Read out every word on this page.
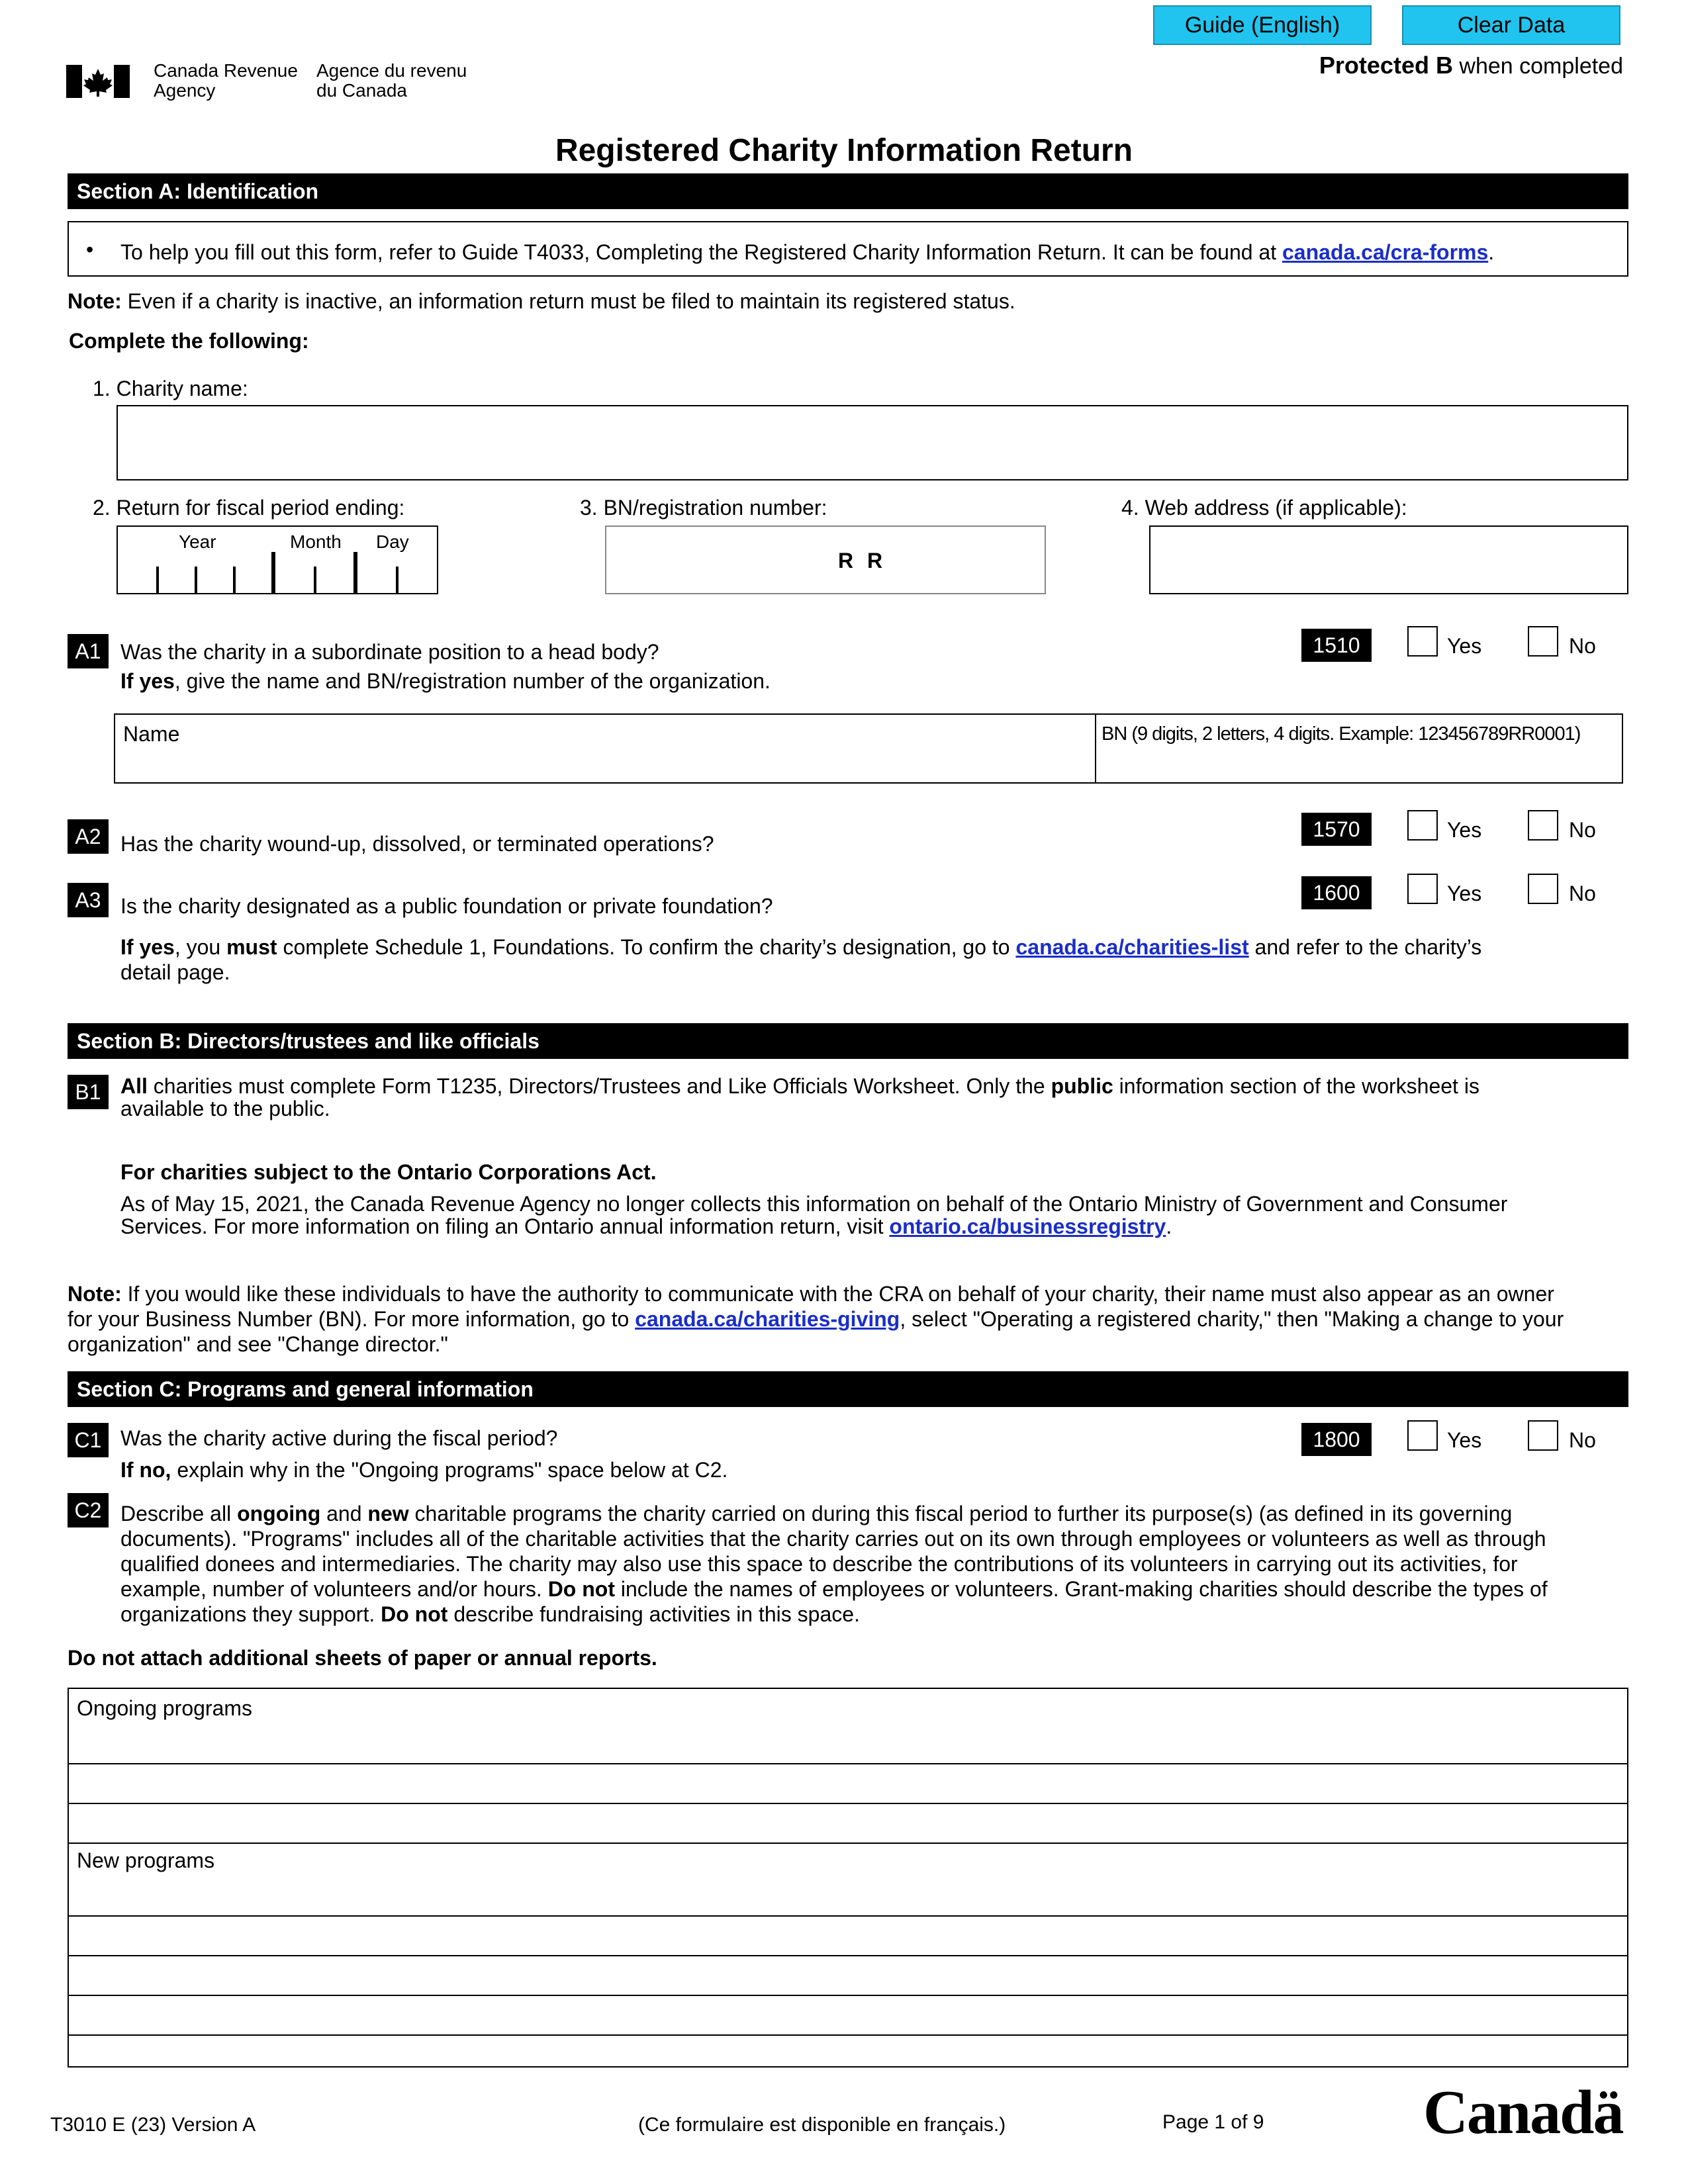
Guide (English)	Clear Data
Protected B when completed
Canada Revenue
Agency
Agence du revenu
du Canada
Registered Charity Information Return
Section A: Identification
• To help you fill out this form, refer to Guide T4033, Completing the Registered Charity Information Return. It can be found at canada.ca/cra-forms.
Note: Even if a charity is inactive, an information return must be filed to maintain its registered status.
Complete the following:
1. Charity name:
2. Return for fiscal period ending:
Year	Month Day
3. BN/registration number:
R R
4. Web address (if applicable):
A1 Was the charity in a subordinate position to a head body?
If yes, give the name and BN/registration number of the organization.
1510	Yes	No
Name	BN (9 digits, 2 letters, 4 digits. Example: 123456789RR0001)
A2 Has the charity wound-up, dissolved, or terminated operations?
1570	Yes	No
A3 Is the charity designated as a public foundation or private foundation?
1600	Yes	No
If yes, you must complete Schedule 1, Foundations. To confirm the charity’s designation, go to canada.ca/charities-list and refer to the charity’s
detail page.
Section B: Directors/trustees and like officials
B1 All charities must complete Form T1235, Directors/Trustees and Like Officials Worksheet. Only the public information section of the worksheet is
available to the public.
For charities subject to the Ontario Corporations Act.
As of May 15, 2021, the Canada Revenue Agency no longer collects this information on behalf of the Ontario Ministry of Government and Consumer
Services. For more information on filing an Ontario annual information return, visit ontario.ca/businessregistry.
Note: If you would like these individuals to have the authority to communicate with the CRA on behalf of your charity, their name must also appear as an owner
for your Business Number (BN). For more information, go to canada.ca/charities-giving, select "Operating a registered charity," then "Making a change to your
organization" and see "Change director."
Section C: Programs and general information
C1 Was the charity active during the fiscal period?
If no, explain why in the "Ongoing programs" space below at C2.
1800	Yes	No
C2 Describe all ongoing and new charitable programs the charity carried on during this fiscal period to further its purpose(s) (as defined in its governing
documents). "Programs" includes all of the charitable activities that the charity carries out on its own through employees or volunteers as well as through
qualified donees and intermediaries. The charity may also use this space to describe the contributions of its volunteers in carrying out its activities, for
example, number of volunteers and/or hours. Do not include the names of employees or volunteers. Grant-making charities should describe the types of
organizations they support. Do not describe fundraising activities in this space.
Do not attach additional sheets of paper or annual reports.
Ongoing programs
New programs
T3010 E (23) Version A	(Ce formulaire est disponible en français.)	Page 1 of 9	Canadä
